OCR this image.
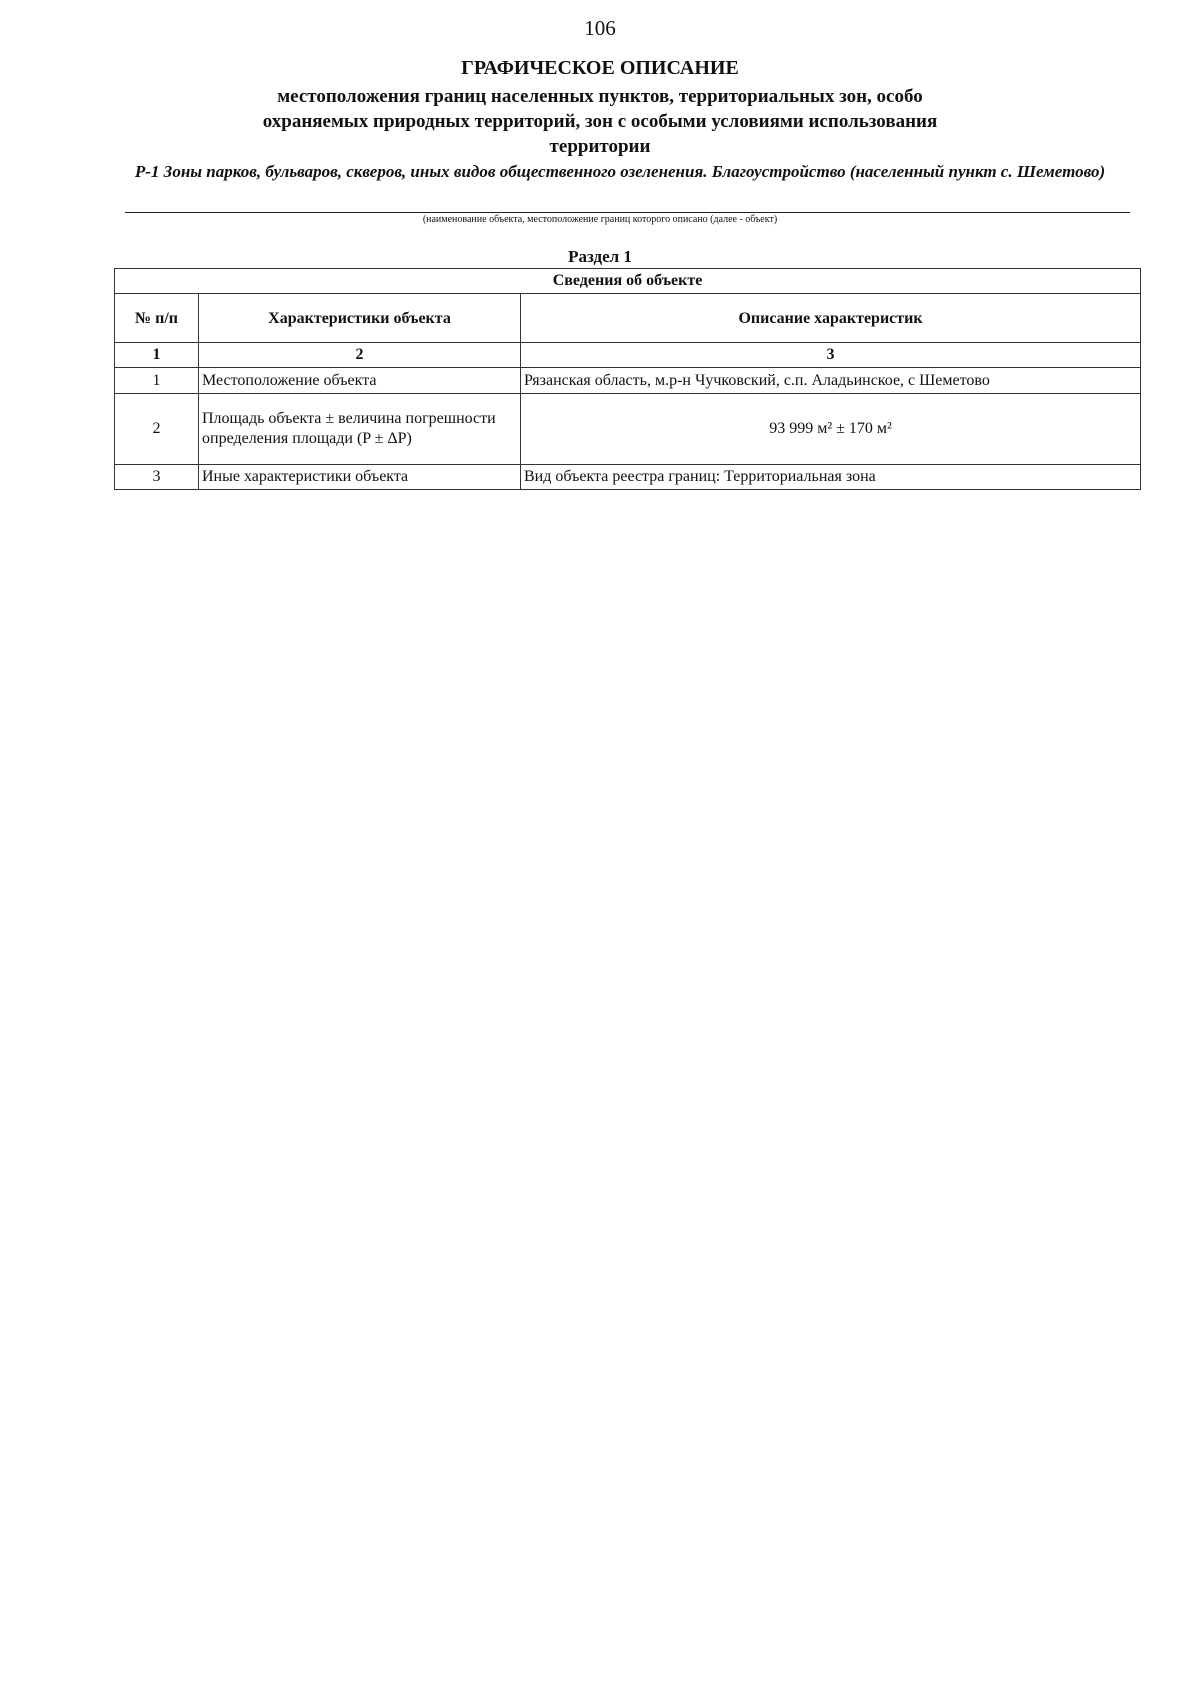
106
ГРАФИЧЕСКОЕ ОПИСАНИЕ
местоположения границ населенных пунктов, территориальных зон, особо охраняемых природных территорий, зон с особыми условиями использования территории
Р-1 Зоны парков, бульваров, скверов, иных видов общественного озеленения. Благоустройство (населенный пункт с. Шеметово)
(наименование объекта, местоположение границ которого описано (далее - объект)
Раздел 1
Сведения об объекте		
№ п/п	Характеристики объекта	Описание характеристик
1	2	3
1	Местоположение объекта	Рязанская область, м.р-н Чучковский, с.п. Аладьинское, с Шеметово
2	Площадь объекта ± величина погрешности определения площади (P ± ΔP)	93 999 м² ± 170 м²
3	Иные характеристики объекта	Вид объекта реестра границ: Территориальная зона
